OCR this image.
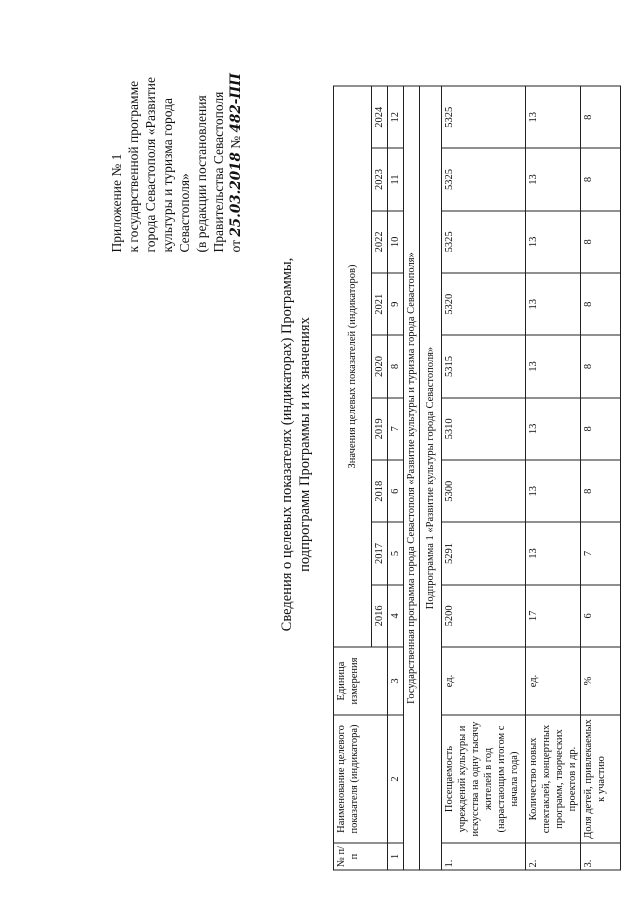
Приложение № 1 к государственной программе города Севастополя «Развитие культуры и туризма города Севастополя» (в редакции постановления Правительства Севастополя от 25.03.2018 № 482-ПП
Сведения о целевых показателях (индикаторах) Программы, подпрограмм Программы и их значениях
№ п/п	Наименование целевого показателя (индикатора)	Единица измерения	Значения целевых показателей (индикаторов)								
			2016	2017	2018	2019	2020	2021	2022	2023	2024
1	2	3	4	5	6	7	8	9	10	11	12
Государственная программа города Севастополя «Развитие культуры и туризма города Севастополя»											
Подпрограмма 1 «Развитие культуры города Севастополя»											
1.	Посещаемость учреждений культуры и искусства на одну тысячу жителей в год (нарастающим итогом с начала года)	ед.	5200	5291	5300	5310	5315	5320	5325	5325	5325
2.	Количество новых спектаклей, концертных программ, творческих проектов и др.	ед.	17	13	13	13	13	13	13	13	13
3.	Доля детей, привлекаемых к участию	%	6	7	8	8	8	8	8	8	8
